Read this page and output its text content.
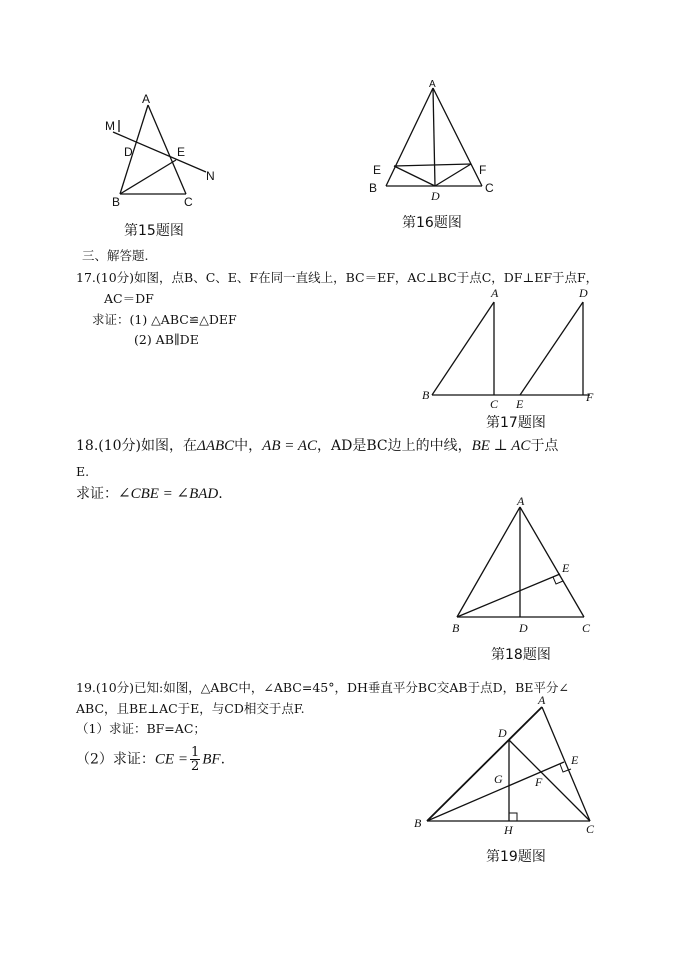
A
M
D	E
N
B	C
第15题图
A
E	F
B
D
C
第16题图
三、解答题.
17.(10分)如图，点B、C、E、F在同一直线上，BC＝EF，AC⊥BC于点C，DF⊥EF于点F，
AC＝DF
求证：(1) △ABC≌△DEF
(2) AB∥DE
A	D
B
C E	F
第17题图
18.(10分)如图，在ΔABC中，AB = AC，AD是BC边上的中线，BE ⊥ AC于点
E.
求证：∠CBE = ∠BAD.	A
E
B	D	C
第18题图
19.(10分)已知:如图，△ABC中，∠ABC=45°，DH垂直平分BC交AB于点D，BE平分∠
ABC，且BE⊥AC于E，与CD相交于点F.
（1）求证：BF=AC；
（2）求证：CE = $\frac{1}{2}$ BF.
A
D
E
G	F
B	H	C
第19题图
